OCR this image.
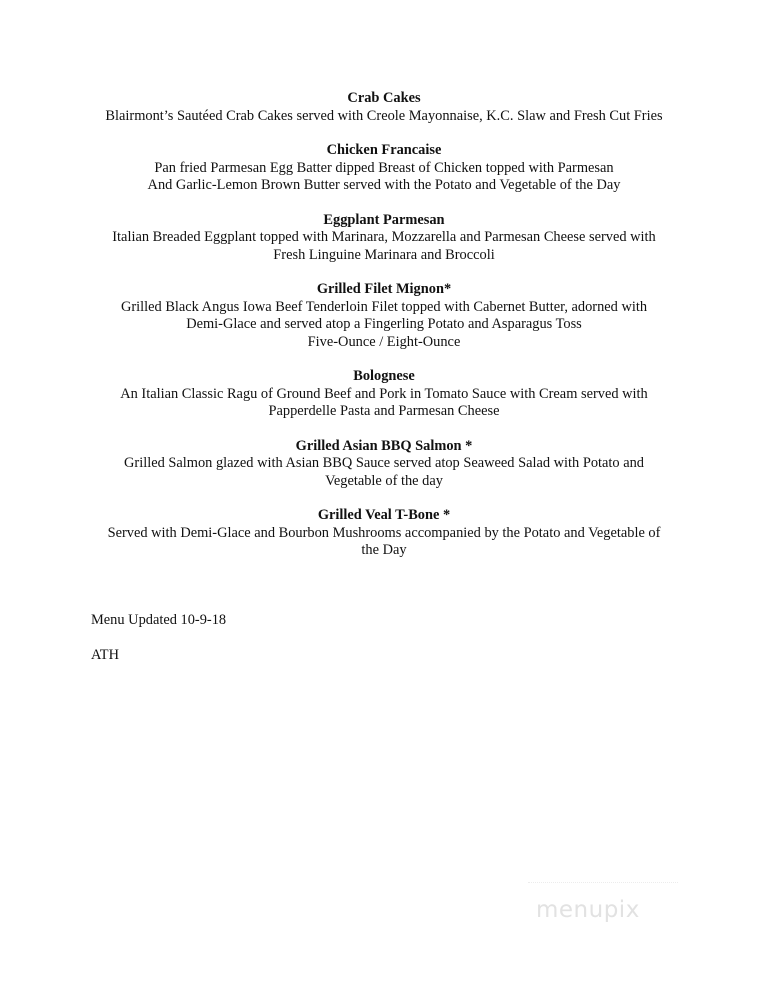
Crab Cakes
Blairmont’s Sautéed Crab Cakes served with Creole Mayonnaise, K.C. Slaw and Fresh Cut Fries
Chicken Francaise
Pan fried Parmesan Egg Batter dipped Breast of Chicken topped with Parmesan
And Garlic-Lemon Brown Butter served with the Potato and Vegetable of the Day
Eggplant Parmesan
Italian Breaded Eggplant topped with Marinara, Mozzarella and Parmesan Cheese served with
Fresh Linguine Marinara and Broccoli
Grilled Filet Mignon*
Grilled Black Angus Iowa Beef Tenderloin Filet topped with Cabernet Butter, adorned with
Demi-Glace and served atop a Fingerling Potato and Asparagus Toss
Five-Ounce / Eight-Ounce
Bolognese
An Italian Classic Ragu of Ground Beef and Pork in Tomato Sauce with Cream served with
Papperdelle Pasta and Parmesan Cheese
Grilled Asian BBQ Salmon *
Grilled Salmon glazed with Asian BBQ Sauce served atop Seaweed Salad with Potato and
Vegetable of the day
Grilled Veal T-Bone *
Served with Demi-Glace and Bourbon Mushrooms accompanied by the Potato and Vegetable of
the Day

Menu Updated 10-9-18

ATH

menupix
